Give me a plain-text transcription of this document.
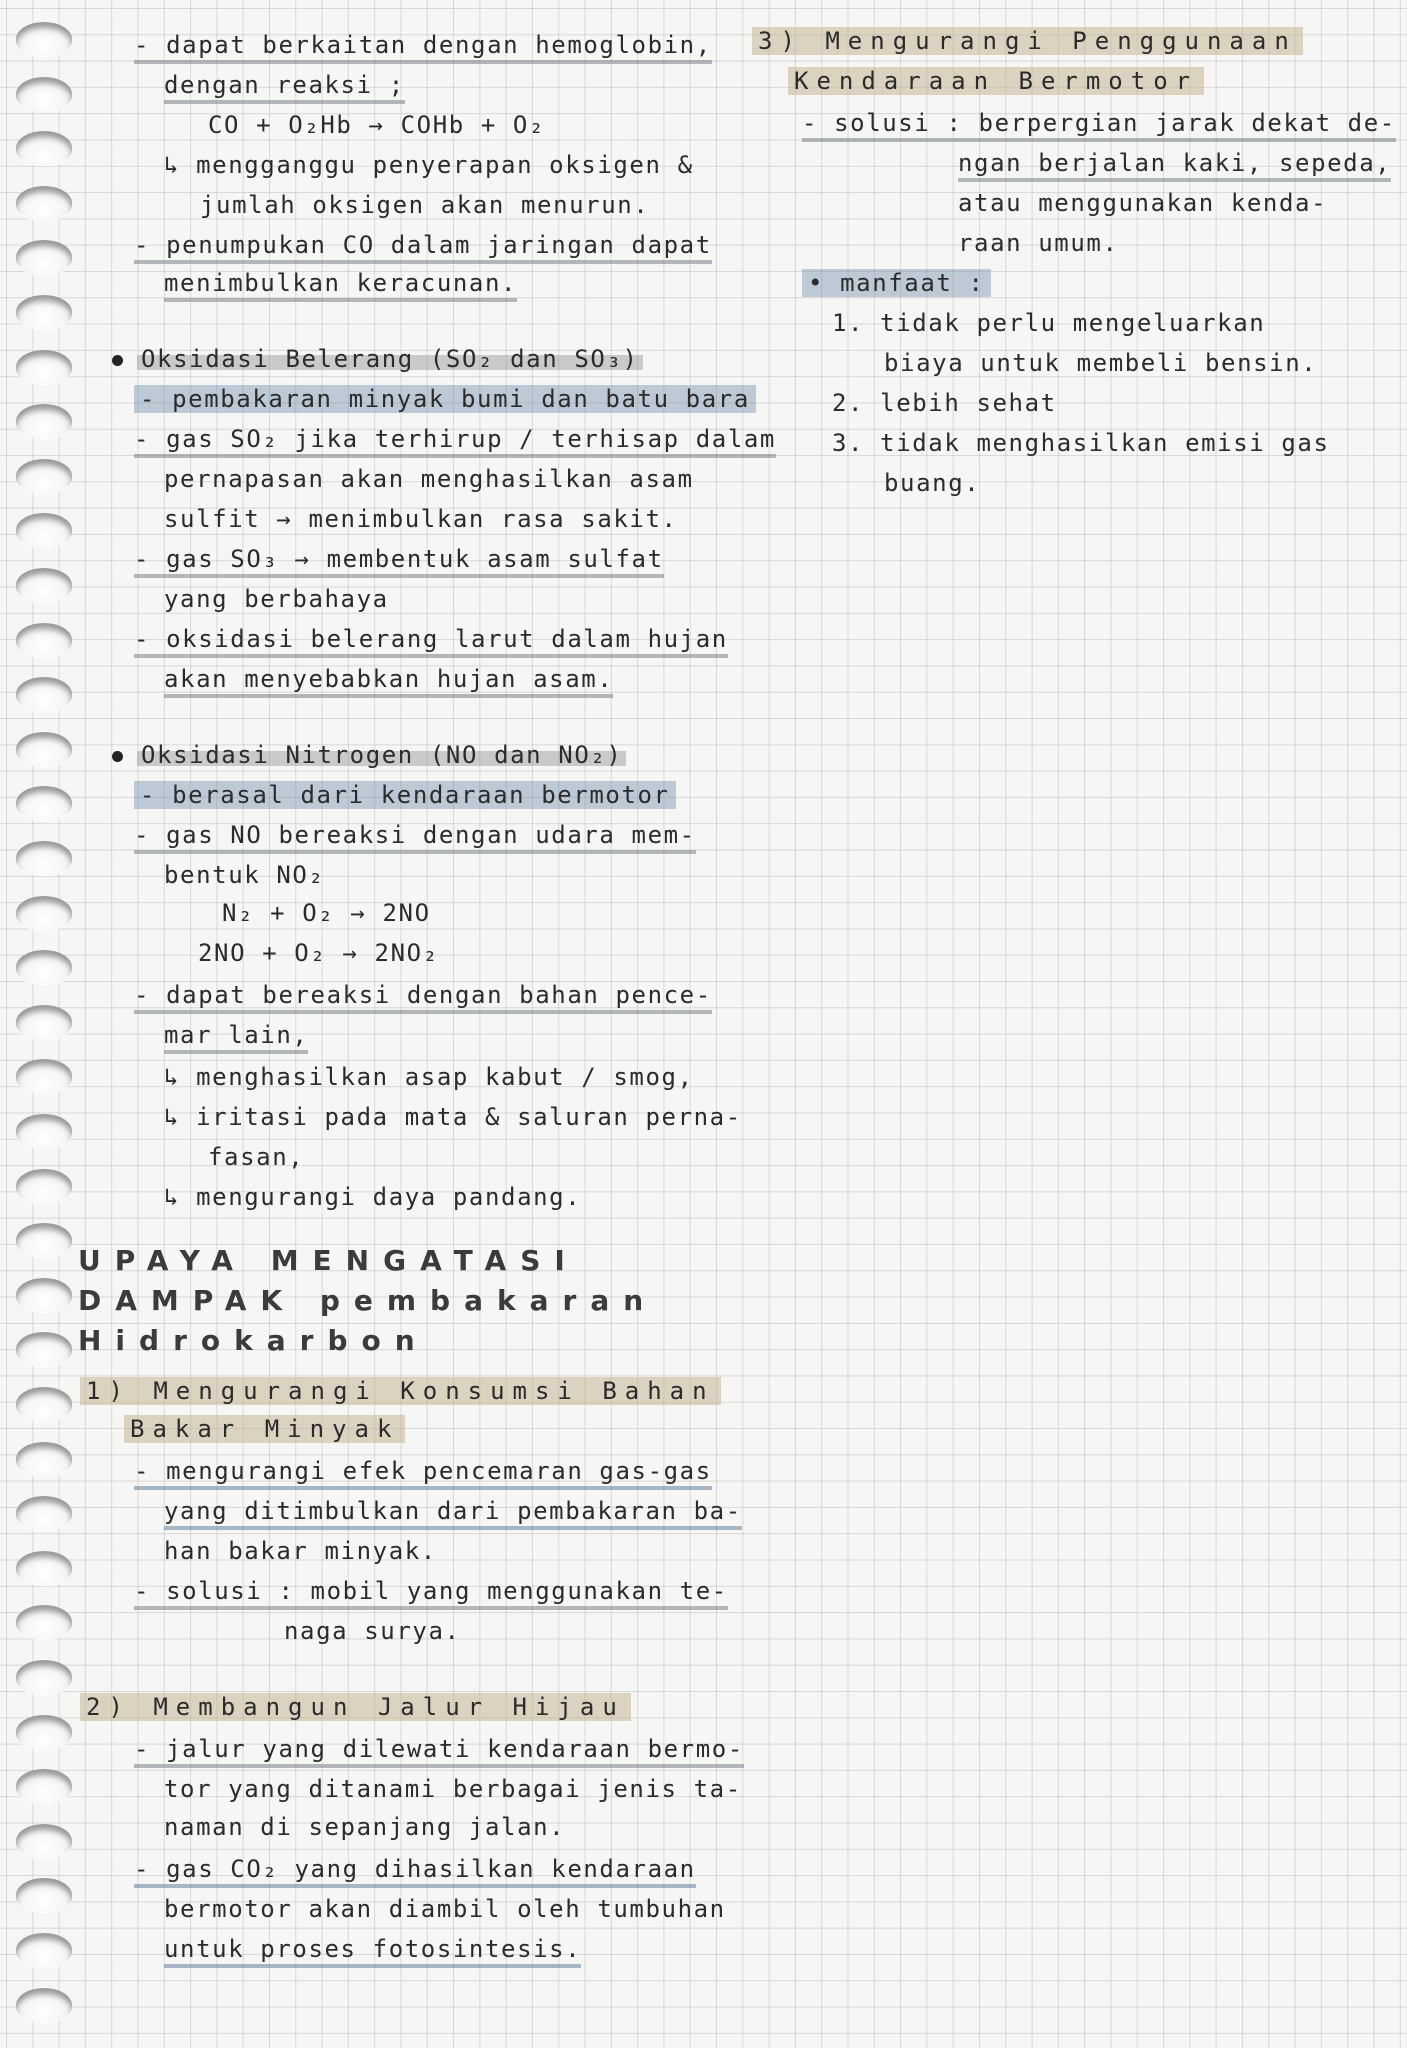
- dapat berkaitan dengan hemoglobin,
dengan reaksi ;
CO + O₂Hb → COHb + O₂
↳ mengganggu penyerapan oksigen &
jumlah oksigen akan menurun.
- penumpukan CO dalam jaringan dapat
menimbulkan keracunan.
Oksidasi Belerang (SO₂ dan SO₃)
- pembakaran minyak bumi dan batu bara
- gas SO₂ jika terhirup / terhisap dalam
pernapasan akan menghasilkan asam
sulfit → menimbulkan rasa sakit.
- gas SO₃ → membentuk asam sulfat
yang berbahaya
- oksidasi belerang larut dalam hujan
akan menyebabkan hujan asam.
Oksidasi Nitrogen (NO dan NO₂)
- berasal dari kendaraan bermotor
- gas NO bereaksi dengan udara mem-
bentuk NO₂
N₂ + O₂ → 2NO
2NO + O₂ → 2NO₂
- dapat bereaksi dengan bahan pence-
mar lain,
↳ menghasilkan asap kabut / smog,
↳ iritasi pada mata & saluran perna-
fasan,
↳ mengurangi daya pandang.
UPAYA MENGATASI
DAMPAK pembakaran
Hidrokarbon
1) Mengurangi Konsumsi Bahan
Bakar Minyak
- mengurangi efek pencemaran gas-gas
yang ditimbulkan dari pembakaran ba-
han bakar minyak.
- solusi : mobil yang menggunakan te-
naga surya.
2) Membangun Jalur Hijau
- jalur yang dilewati kendaraan bermo-
tor yang ditanami berbagai jenis ta-
naman di sepanjang jalan.
- gas CO₂ yang dihasilkan kendaraan
bermotor akan diambil oleh tumbuhan
untuk proses fotosintesis.
3) Mengurangi Penggunaan
Kendaraan Bermotor
- solusi : berpergian jarak dekat de-
ngan berjalan kaki, sepeda,
atau menggunakan kenda-
raan umum.
• manfaat :
1. tidak perlu mengeluarkan
biaya untuk membeli bensin.
2. lebih sehat
3. tidak menghasilkan emisi gas
buang.
